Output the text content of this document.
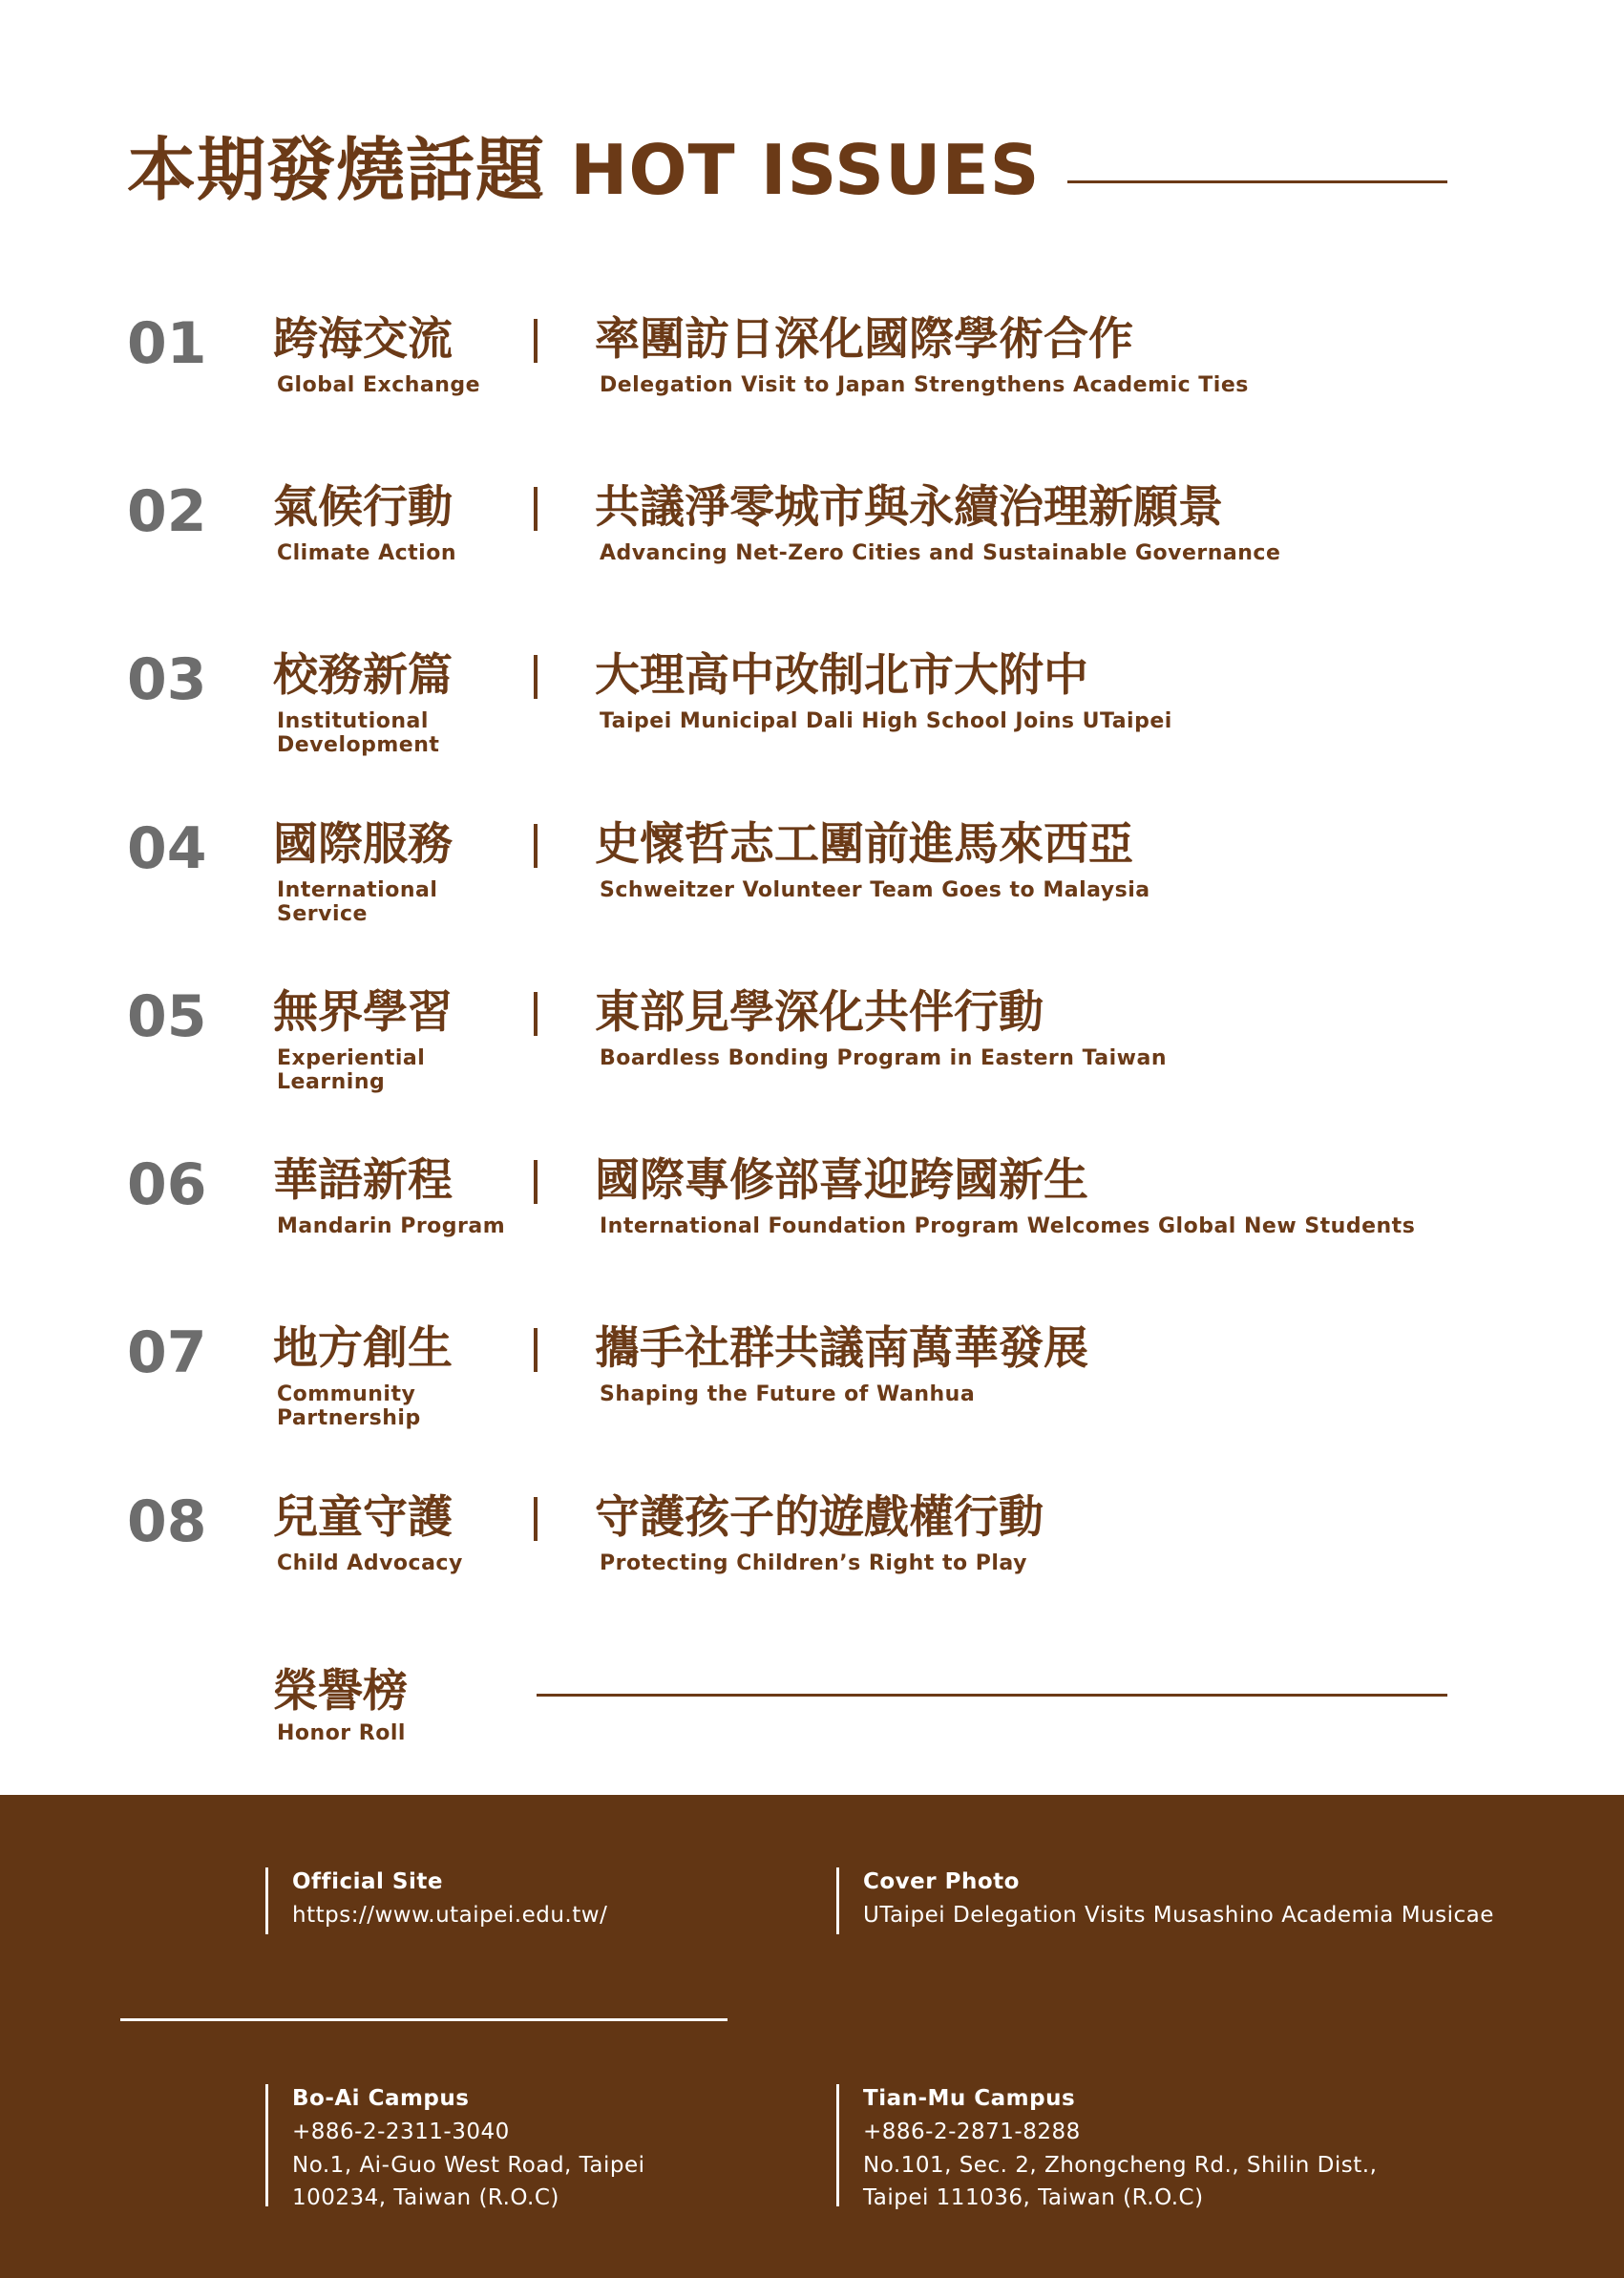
本期發燒話題 HOT ISSUES
01 跨海交流
Global Exchange
率團訪日深化國際學術合作
Delegation Visit to Japan Strengthens Academic Ties
02 氣候行動
Climate Action
共議淨零城市與永續治理新願景
Advancing Net-Zero Cities and Sustainable Governance
03 校務新篇
Institutional Development
大理高中改制北市大附中
Taipei Municipal Dali High School Joins UTaipei
04 國際服務
International Service
史懷哲志工團前進馬來西亞
Schweitzer Volunteer Team Goes to Malaysia
05 無界學習
Experiential Learning
東部見學深化共伴行動
Boardless Bonding Program in Eastern Taiwan
06 華語新程
Mandarin Program
國際專修部喜迎跨國新生
International Foundation Program Welcomes Global New Students
07 地方創生
Community Partnership
攜手社群共議南萬華發展
Shaping the Future of Wanhua
08 兒童守護
Child Advocacy
守護孩子的遊戲權行動
Protecting Children’s Right to Play
榮譽榜
Honor Roll
Official Site
https://www.utaipei.edu.tw/
Cover Photo
UTaipei Delegation Visits Musashino Academia Musicae
Bo-Ai Campus
+886-2-2311-3040
No.1, Ai-Guo West Road, Taipei
100234, Taiwan (R.O.C)
Tian-Mu Campus
+886-2-2871-8288
No.101, Sec. 2, Zhongcheng Rd., Shilin Dist.,
Taipei 111036, Taiwan (R.O.C)
